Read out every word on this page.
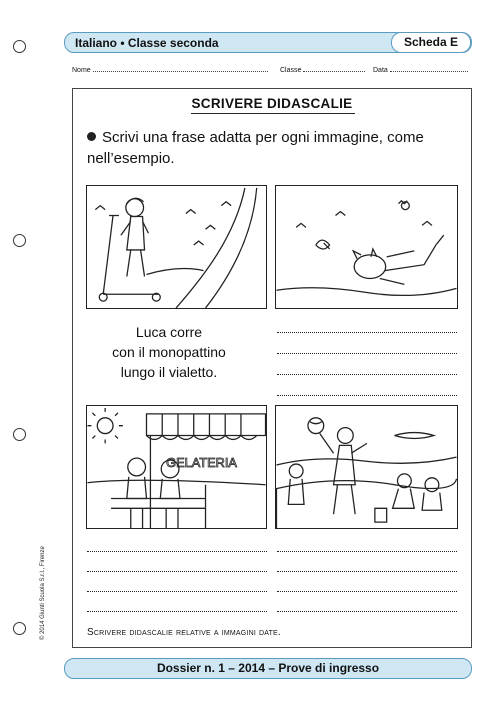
Italiano • Classe seconda	Scheda E
Nome	Classe	Data
SCRIVERE DIDASCALIE
Scrivi una frase adatta per ogni immagine, come nell’esempio.
Luca corre
con il monopattino
lungo il vialetto.
GELATERIA
Scrivere didascalie relative a immagini date.
© 2014 Giunti Scuola S.r.l., Firenze
Dossier n. 1 – 2014 – Prove di ingresso
